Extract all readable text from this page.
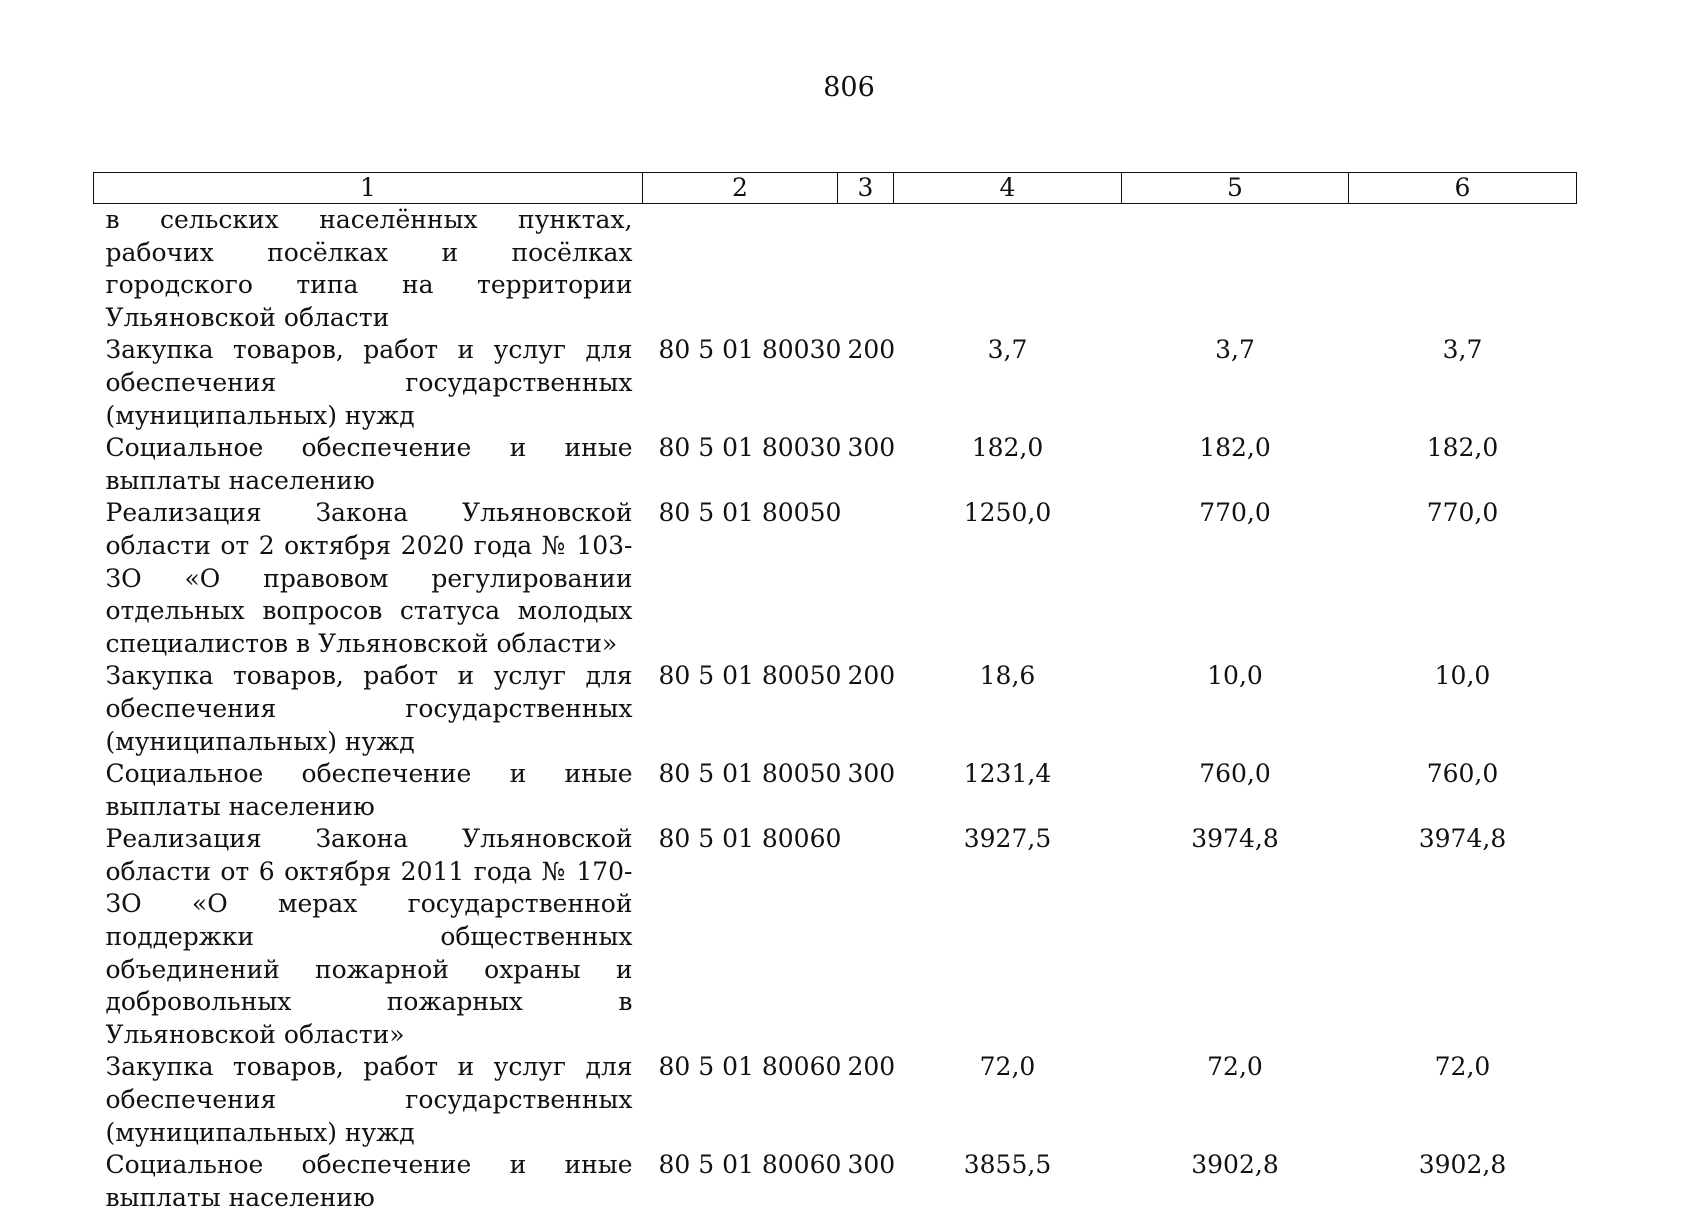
806
1	2	3	4	5	6
в сельских населённых пунктах, рабочих посёлках и посёлках городского типа на территории Ульяновской области					
Закупка товаров, работ и услуг для обеспечения государственных (муниципальных) нужд	80 5 01 80030	200	3,7	3,7	3,7
Социальное обеспечение и иные выплаты населению	80 5 01 80030	300	182,0	182,0	182,0
Реализация Закона Ульяновской области от 2 октября 2020 года № 103-ЗО «О правовом регулировании отдельных вопросов статуса молодых специалистов в Ульяновской области»	80 5 01 80050		1250,0	770,0	770,0
Закупка товаров, работ и услуг для обеспечения государственных (муниципальных) нужд	80 5 01 80050	200	18,6	10,0	10,0
Социальное обеспечение и иные выплаты населению	80 5 01 80050	300	1231,4	760,0	760,0
Реализация Закона Ульяновской области от 6 октября 2011 года № 170-ЗО «О мерах государственной поддержки общественных объединений пожарной охраны и добровольных пожарных в Ульяновской области»	80 5 01 80060		3927,5	3974,8	3974,8
Закупка товаров, работ и услуг для обеспечения государственных (муниципальных) нужд	80 5 01 80060	200	72,0	72,0	72,0
Социальное обеспечение и иные выплаты населению	80 5 01 80060	300	3855,5	3902,8	3902,8
